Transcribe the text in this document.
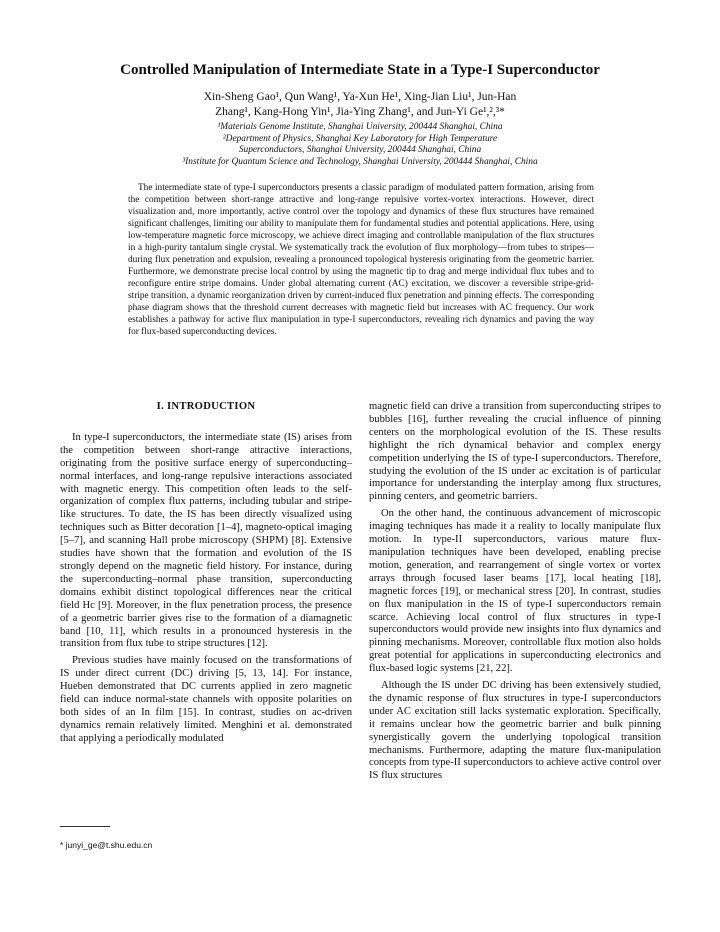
Controlled Manipulation of Intermediate State in a Type-I Superconductor
Xin-Sheng Gao¹, Qun Wang¹, Ya-Xun He¹, Xing-Jian Liu¹, Jun-Han
Zhang¹, Kang-Hong Yin¹, Jia-Ying Zhang¹, and Jun-Yi Ge¹,²,³*

¹Materials Genome Institute, Shanghai University, 200444 Shanghai, China

²Department of Physics, Shanghai Key Laboratory for High Temperature

Superconductors, Shanghai University, 200444 Shanghai, China

³Institute for Quantum Science and Technology, Shanghai University, 200444 Shanghai, China

The intermediate state of type-I superconductors presents a classic paradigm of modulated pattern formation, arising from the competition between short-range attractive and long-range repulsive vortex-vortex interactions. However, direct visualization and, more importantly, active control over the topology and dynamics of these flux structures have remained significant challenges, limiting our ability to manipulate them for fundamental studies and potential applications. Here, using low-temperature magnetic force microscopy, we achieve direct imaging and controllable manipulation of the flux structures in a high-purity tantalum single crystal. We systematically track the evolution of flux morphology—from tubes to stripes—during flux penetration and expulsion, revealing a pronounced topological hysteresis originating from the geometric barrier. Furthermore, we demonstrate precise local control by using the magnetic tip to drag and merge individual flux tubes and to reconfigure entire stripe domains. Under global alternating current (AC) excitation, we discover a reversible stripe-grid-stripe transition, a dynamic reorganization driven by current-induced flux penetration and pinning effects. The corresponding phase diagram shows that the threshold current decreases with magnetic field but increases with AC frequency. Our work establishes a pathway for active flux manipulation in type-I superconductors, revealing rich dynamics and paving the way for flux-based superconducting devices.

I. INTRODUCTION

In type-I superconductors, the intermediate state (IS) arises from the competition between short-range attractive interactions, originating from the positive surface energy of superconducting–normal interfaces, and long-range repulsive interactions associated with magnetic energy. This competition often leads to the self-organization of complex flux patterns, including tubular and stripe-like structures. To date, the IS has been directly visualized using techniques such as Bitter decoration [1–4], magneto-optical imaging [5–7], and scanning Hall probe microscopy (SHPM) [8]. Extensive studies have shown that the formation and evolution of the IS strongly depend on the magnetic field history. For instance, during the superconducting–normal phase transition, superconducting domains exhibit distinct topological differences near the critical field Hc [9]. Moreover, in the flux penetration process, the presence of a geometric barrier gives rise to the formation of a diamagnetic band [10, 11], which results in a pronounced hysteresis in the transition from flux tube to stripe structures [12].

Previous studies have mainly focused on the transformations of IS under direct current (DC) driving [5, 13, 14]. For instance, Hueben demonstrated that DC currents applied in zero magnetic field can induce normal-state channels with opposite polarities on both sides of an In film [15]. In contrast, studies on ac-driven dynamics remain relatively limited. Menghini et al. demonstrated that applying a periodically modulated

magnetic field can drive a transition from superconducting stripes to bubbles [16], further revealing the crucial influence of pinning centers on the morphological evolution of the IS. These results highlight the rich dynamical behavior and complex energy competition underlying the IS of type-I superconductors. Therefore, studying the evolution of the IS under ac excitation is of particular importance for understanding the interplay among flux structures, pinning centers, and geometric barriers.

On the other hand, the continuous advancement of microscopic imaging techniques has made it a reality to locally manipulate flux motion. In type-II superconductors, various mature flux-manipulation techniques have been developed, enabling precise motion, generation, and rearrangement of single vortex or vortex arrays through focused laser beams [17], local heating [18], magnetic forces [19], or mechanical stress [20]. In contrast, studies on flux manipulation in the IS of type-I superconductors remain scarce. Achieving local control of flux structures in type-I superconductors would provide new insights into flux dynamics and pinning mechanisms. Moreover, controllable flux motion also holds great potential for applications in superconducting electronics and flux-based logic systems [21, 22].

Although the IS under DC driving has been extensively studied, the dynamic response of flux structures in type-I superconductors under AC excitation still lacks systematic exploration. Specifically, it remains unclear how the geometric barrier and bulk pinning synergistically govern the underlying topological transition mechanisms. Furthermore, adapting the mature flux-manipulation concepts from type-II superconductors to achieve active control over IS flux structures

* junyi_ge@t.shu.edu.cn
